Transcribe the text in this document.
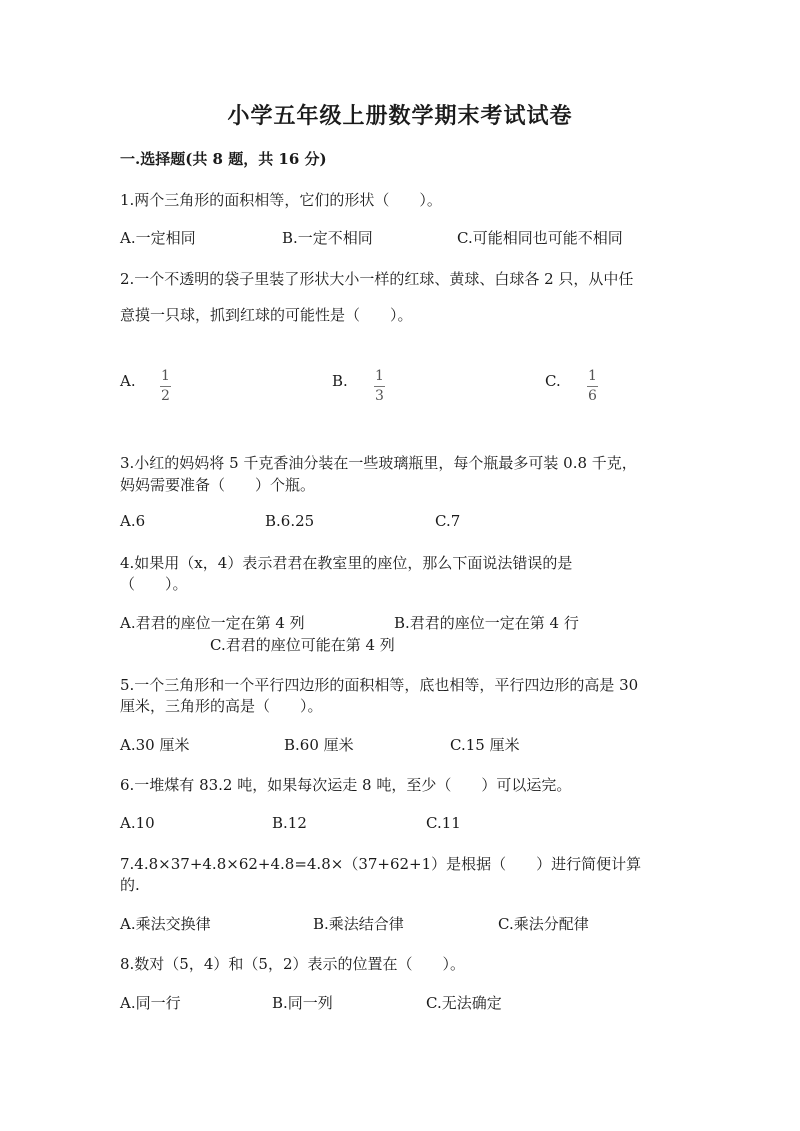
小学五年级上册数学期末考试试卷
一.选择题(共 8 题，共 16 分)
1.两个三角形的面积相等，它们的形状（　　）。
A.一定相同	B.一定不相同	C.可能相同也可能不相同
2.一个不透明的袋子里装了形状大小一样的红球、黄球、白球各 2 只，从中任
意摸一只球，抓到红球的可能性是（　　）。
A. 1
2
B. 1
3
C. 1
6
3.小红的妈妈将 5 千克香油分装在一些玻璃瓶里，每个瓶最多可装 0.8 千克，
妈妈需要准备（　　）个瓶。
A.6	B.6.25	C.7
4.如果用（x，4）表示君君在教室里的座位，那么下面说法错误的是
（　　）。
A.君君的座位一定在第 4 列	B.君君的座位一定在第 4 行
C.君君的座位可能在第 4 列
5.一个三角形和一个平行四边形的面积相等，底也相等，平行四边形的高是 30
厘米，三角形的高是（　　）。
A.30 厘米	B.60 厘米	C.15 厘米
6.一堆煤有 83.2 吨，如果每次运走 8 吨，至少（　　）可以运完。
A.10	B.12	C.11
7.4.8×37+4.8×62+4.8=4.8×（37+62+1）是根据（　　）进行简便计算
的.
A.乘法交换律	B.乘法结合律	C.乘法分配律
8.数对（5，4）和（5，2）表示的位置在（　　）。
A.同一行	B.同一列	C.无法确定
